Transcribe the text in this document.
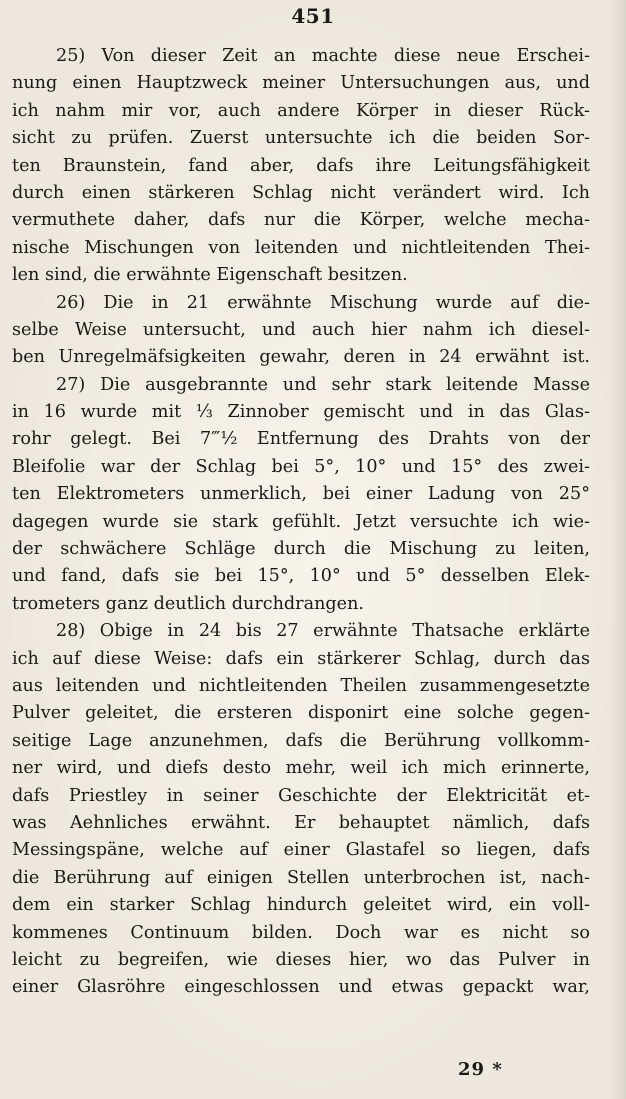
451
25) Von dieser Zeit an machte diese neue Erschei-
nung einen Hauptzweck meiner Untersuchungen aus, und
ich nahm mir vor, auch andere Körper in dieser Rück-
sicht zu prüfen. Zuerst untersuchte ich die beiden Sor-
ten Braunstein, fand aber, dafs ihre Leitungsfähigkeit
durch einen stärkeren Schlag nicht verändert wird. Ich
vermuthete daher, dafs nur die Körper, welche mecha-
nische Mischungen von leitenden und nichtleitenden Thei-
len sind, die erwähnte Eigenschaft besitzen.
26) Die in 21 erwähnte Mischung wurde auf die-
selbe Weise untersucht, und auch hier nahm ich diesel-
ben Unregelmäfsigkeiten gewahr, deren in 24 erwähnt ist.
27) Die ausgebrannte und sehr stark leitende Masse
in 16 wurde mit ⅓ Zinnober gemischt und in das Glas-
rohr gelegt. Bei 7‴½ Entfernung des Drahts von der
Bleifolie war der Schlag bei 5°, 10° und 15° des zwei-
ten Elektrometers unmerklich, bei einer Ladung von 25°
dagegen wurde sie stark gefühlt. Jetzt versuchte ich wie-
der schwächere Schläge durch die Mischung zu leiten,
und fand, dafs sie bei 15°, 10° und 5° desselben Elek-
trometers ganz deutlich durchdrangen.
28) Obige in 24 bis 27 erwähnte Thatsache erklärte
ich auf diese Weise: dafs ein stärkerer Schlag, durch das
aus leitenden und nichtleitenden Theilen zusammengesetzte
Pulver geleitet, die ersteren disponirt eine solche gegen-
seitige Lage anzunehmen, dafs die Berührung vollkomm-
ner wird, und diefs desto mehr, weil ich mich erinnerte,
dafs Priestley in seiner Geschichte der Elektricität et-
was Aehnliches erwähnt. Er behauptet nämlich, dafs
Messingspäne, welche auf einer Glastafel so liegen, dafs
die Berührung auf einigen Stellen unterbrochen ist, nach-
dem ein starker Schlag hindurch geleitet wird, ein voll-
kommenes Continuum bilden. Doch war es nicht so
leicht zu begreifen, wie dieses hier, wo das Pulver in
einer Glasröhre eingeschlossen und etwas gepackt war,
29 *
